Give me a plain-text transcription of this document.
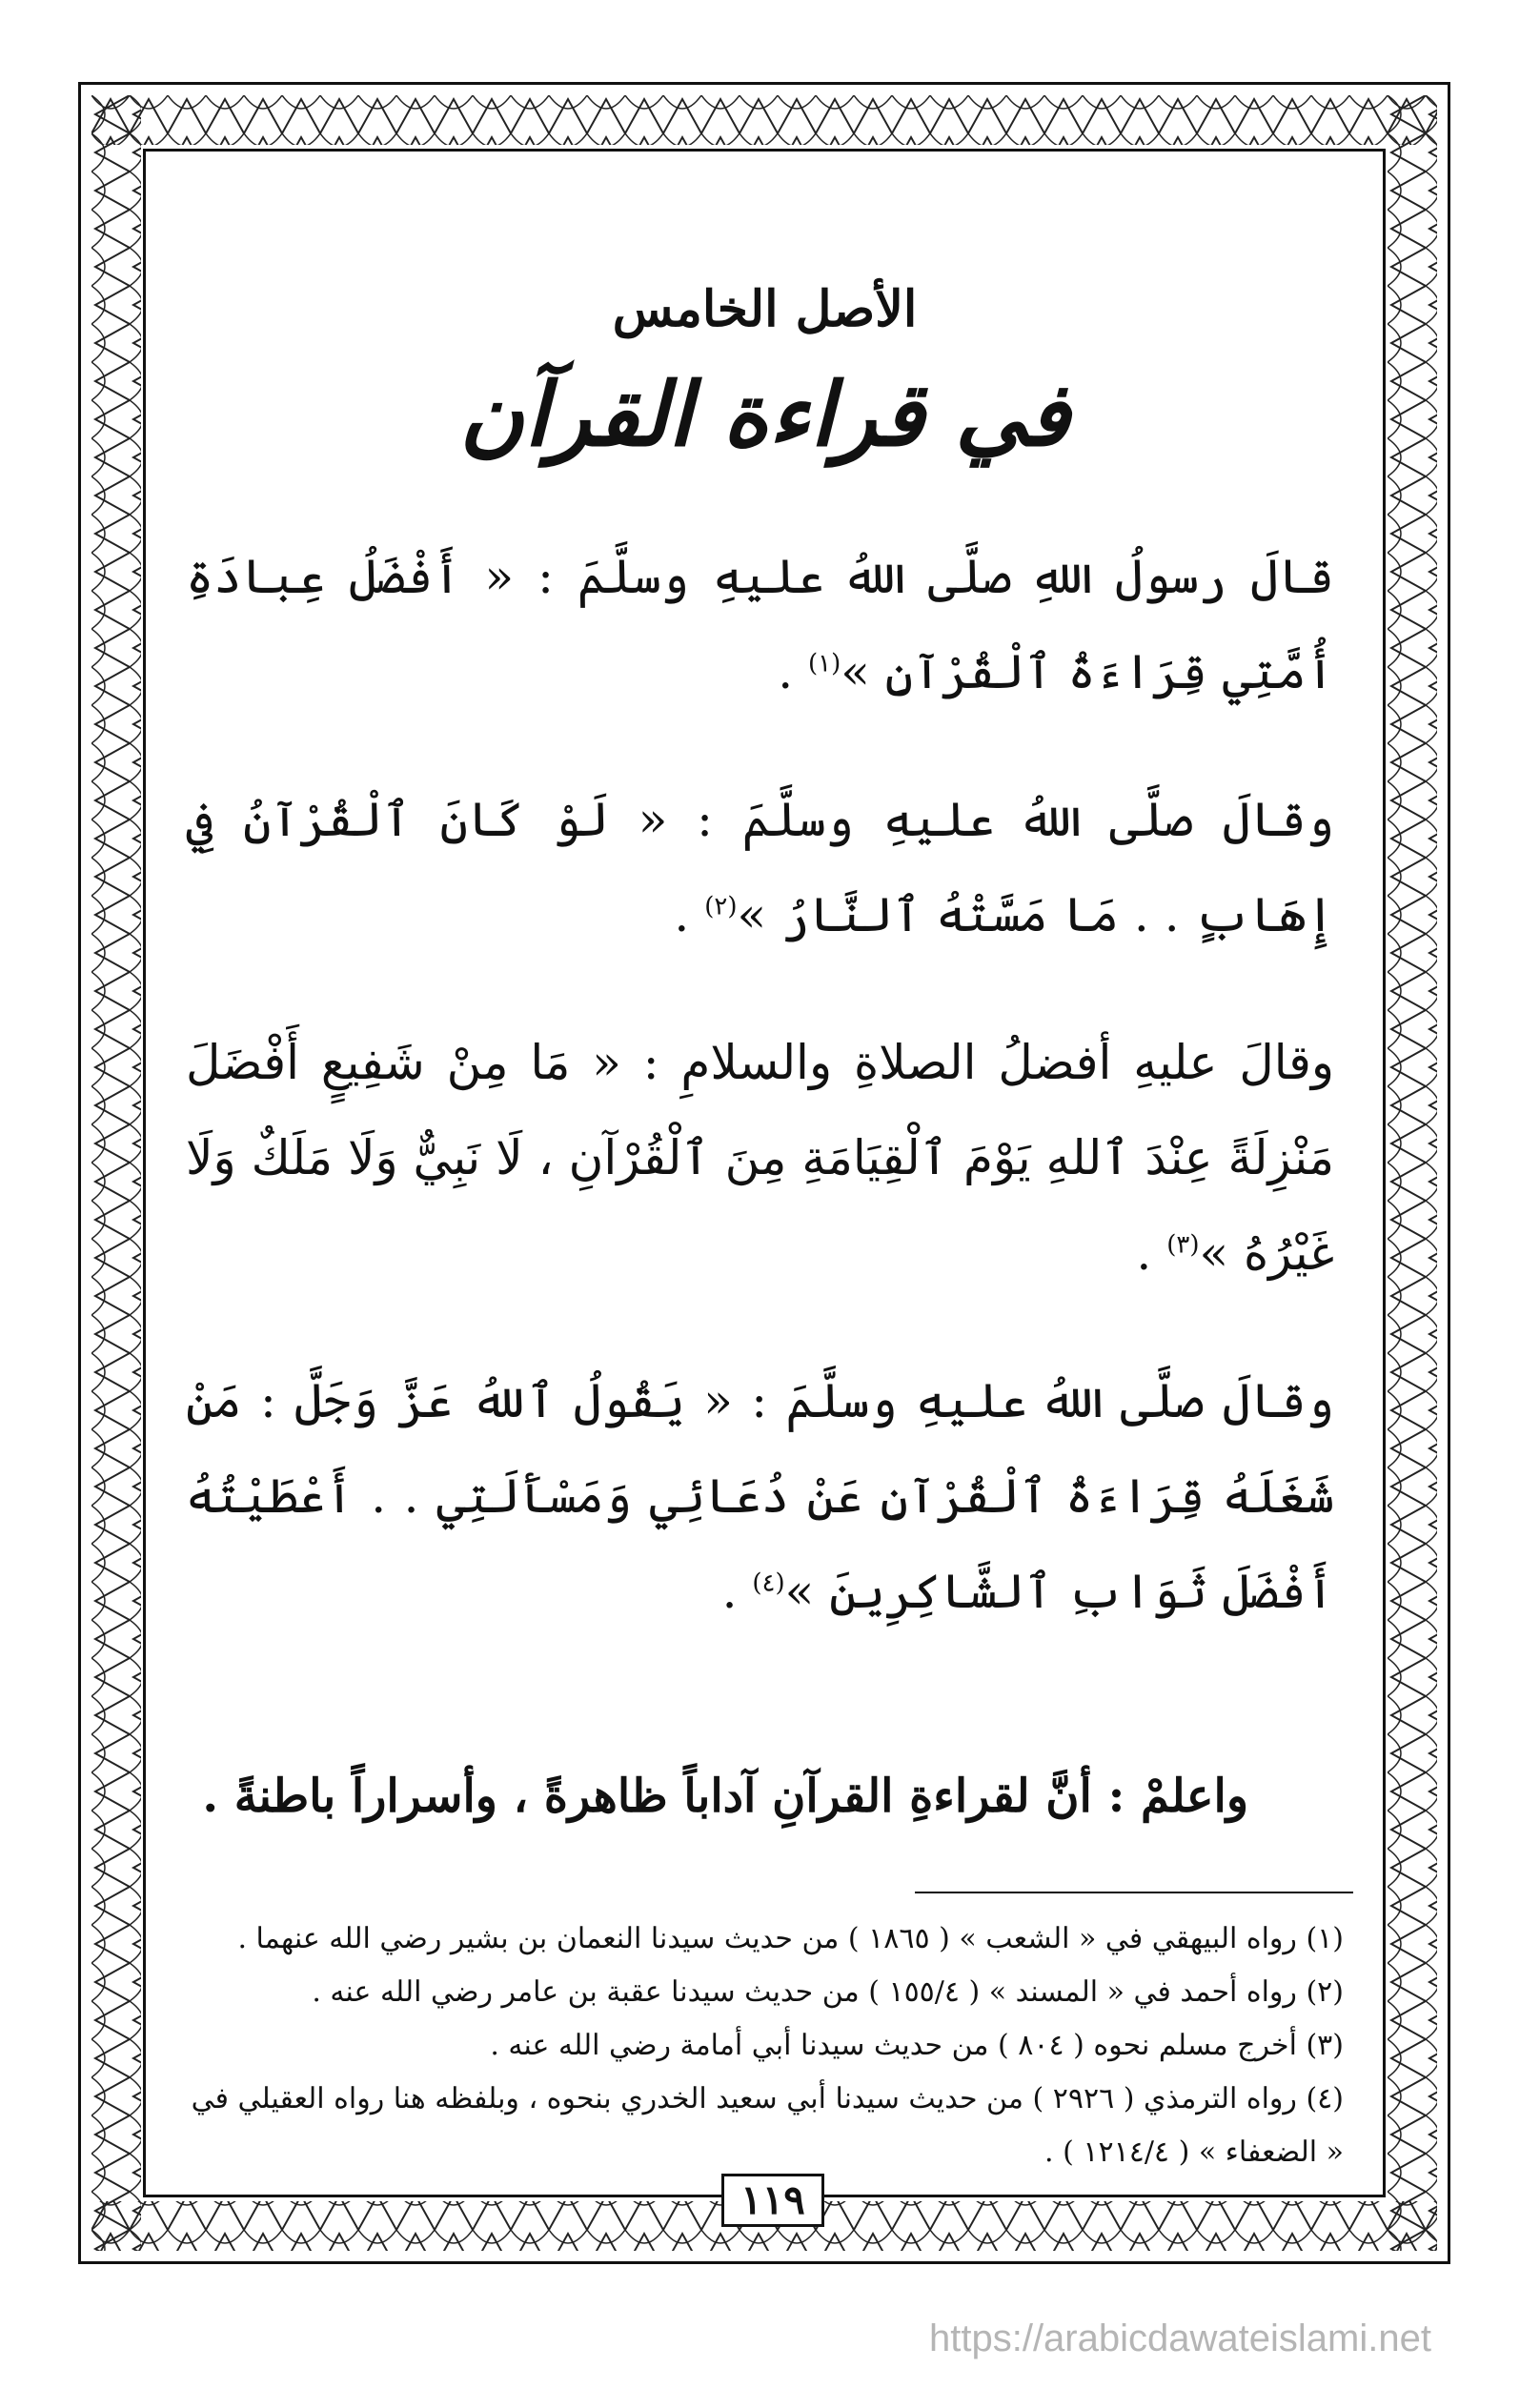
الأصل الخامس
في قراءة القرآن

قالَ رسولُ اللهِ صلَّى اللهُ عليهِ وسلَّمَ : « أَفْضَلُ عِبادَةِ أُمَّتِي قِرَاءَةُ ٱلْقُرْآنِ »$^{(١)}$ .

وقالَ صلَّى اللهُ عليهِ وسلَّمَ : « لَوْ كَانَ ٱلْقُرْآنُ فِي إِهَابٍ . . مَا مَسَّتْهُ ٱلنَّارُ »$^{(٢)}$ .

وقالَ عليهِ أفضلُ الصلاةِ والسلامِ : « مَا مِنْ شَفِيعٍ أَفْضَلَ مَنْزِلَةً عِنْدَ ٱللهِ يَوْمَ ٱلْقِيَامَةِ مِنَ ٱلْقُرْآنِ ، لَا نَبِيٌّ وَلَا مَلَكٌ وَلَا غَيْرُهُ »$^{(٣)}$ .

وقالَ صلَّى اللهُ عليهِ وسلَّمَ : « يَقُولُ ٱللهُ عَزَّ وَجَلَّ : مَنْ شَغَلَهُ قِرَاءَةُ ٱلْقُرْآنِ عَنْ دُعَائِي وَمَسْأَلَتِي . . أَعْطَيْتُهُ أَفْضَلَ ثَوَابِ ٱلشَّاكِرِينَ »$^{(٤)}$ .

واعلمْ : أنَّ لقراءةِ القرآنِ آداباً ظاهرةً ، وأسراراً باطنةً .
(١) رواه البيهقي في « الشعب » ( ١٨٦٥ ) من حديث سيدنا النعمان بن بشير رضي الله عنهما .
(٢) رواه أحمد في « المسند » ( ١٥٥/٤ ) من حديث سيدنا عقبة بن عامر رضي الله عنه .
(٣) أخرج مسلم نحوه ( ٨٠٤ ) من حديث سيدنا أبي أمامة رضي الله عنه .
(٤) رواه الترمذي ( ٢٩٢٦ ) من حديث سيدنا أبي سعيد الخدري بنحوه ، وبلفظه هنا رواه العقيلي في « الضعفاء » ( ١٢١٤/٤ ) .
١١٩
https://arabicdawateislami.net
